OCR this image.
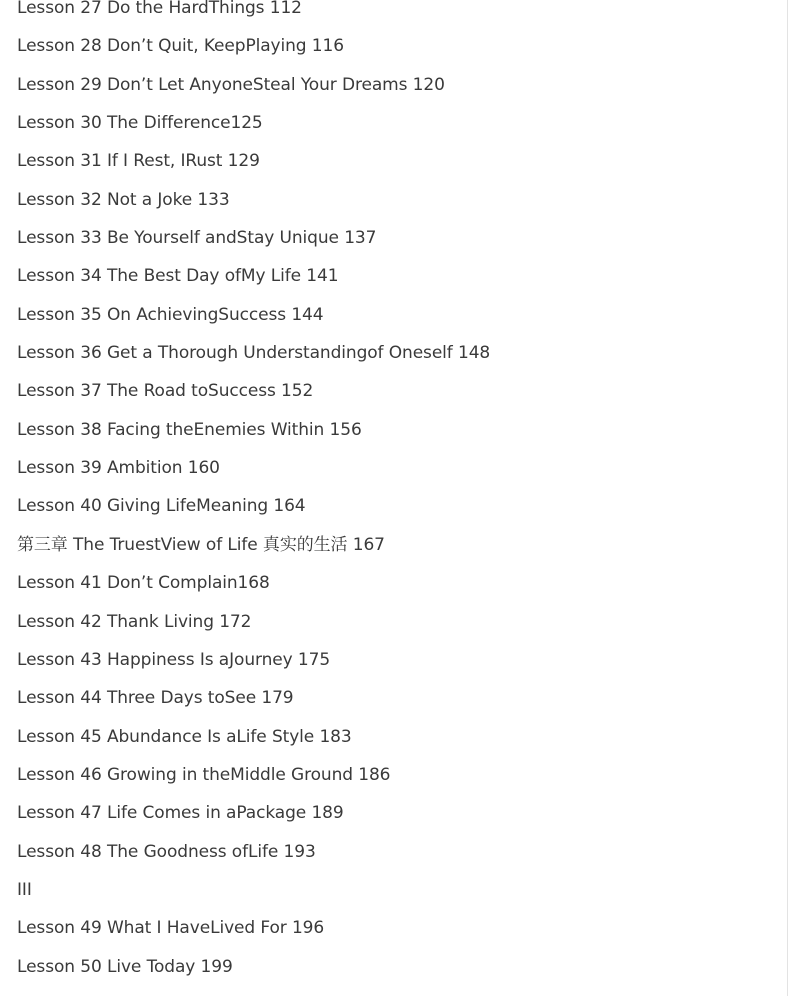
Lesson 27 Do the HardThings 112
Lesson 28 Don’t Quit, KeepPlaying 116
Lesson 29 Don’t Let AnyoneSteal Your Dreams 120
Lesson 30 The Difference125
Lesson 31 If I Rest, IRust 129
Lesson 32 Not a Joke 133
Lesson 33 Be Yourself andStay Unique 137
Lesson 34 The Best Day ofMy Life 141
Lesson 35 On AchievingSuccess 144
Lesson 36 Get a Thorough Understandingof Oneself 148
Lesson 37 The Road toSuccess 152
Lesson 38 Facing theEnemies Within 156
Lesson 39 Ambition 160
Lesson 40 Giving LifeMeaning 164
第三章 The TruestView of Life 真实的生活 167
Lesson 41 Don’t Complain168
Lesson 42 Thank Living 172
Lesson 43 Happiness Is aJourney 175
Lesson 44 Three Days toSee 179
Lesson 45 Abundance Is aLife Style 183
Lesson 46 Growing in theMiddle Ground 186
Lesson 47 Life Comes in aPackage 189
Lesson 48 The Goodness ofLife 193
III
Lesson 49 What I HaveLived For 196
Lesson 50 Live Today 199
